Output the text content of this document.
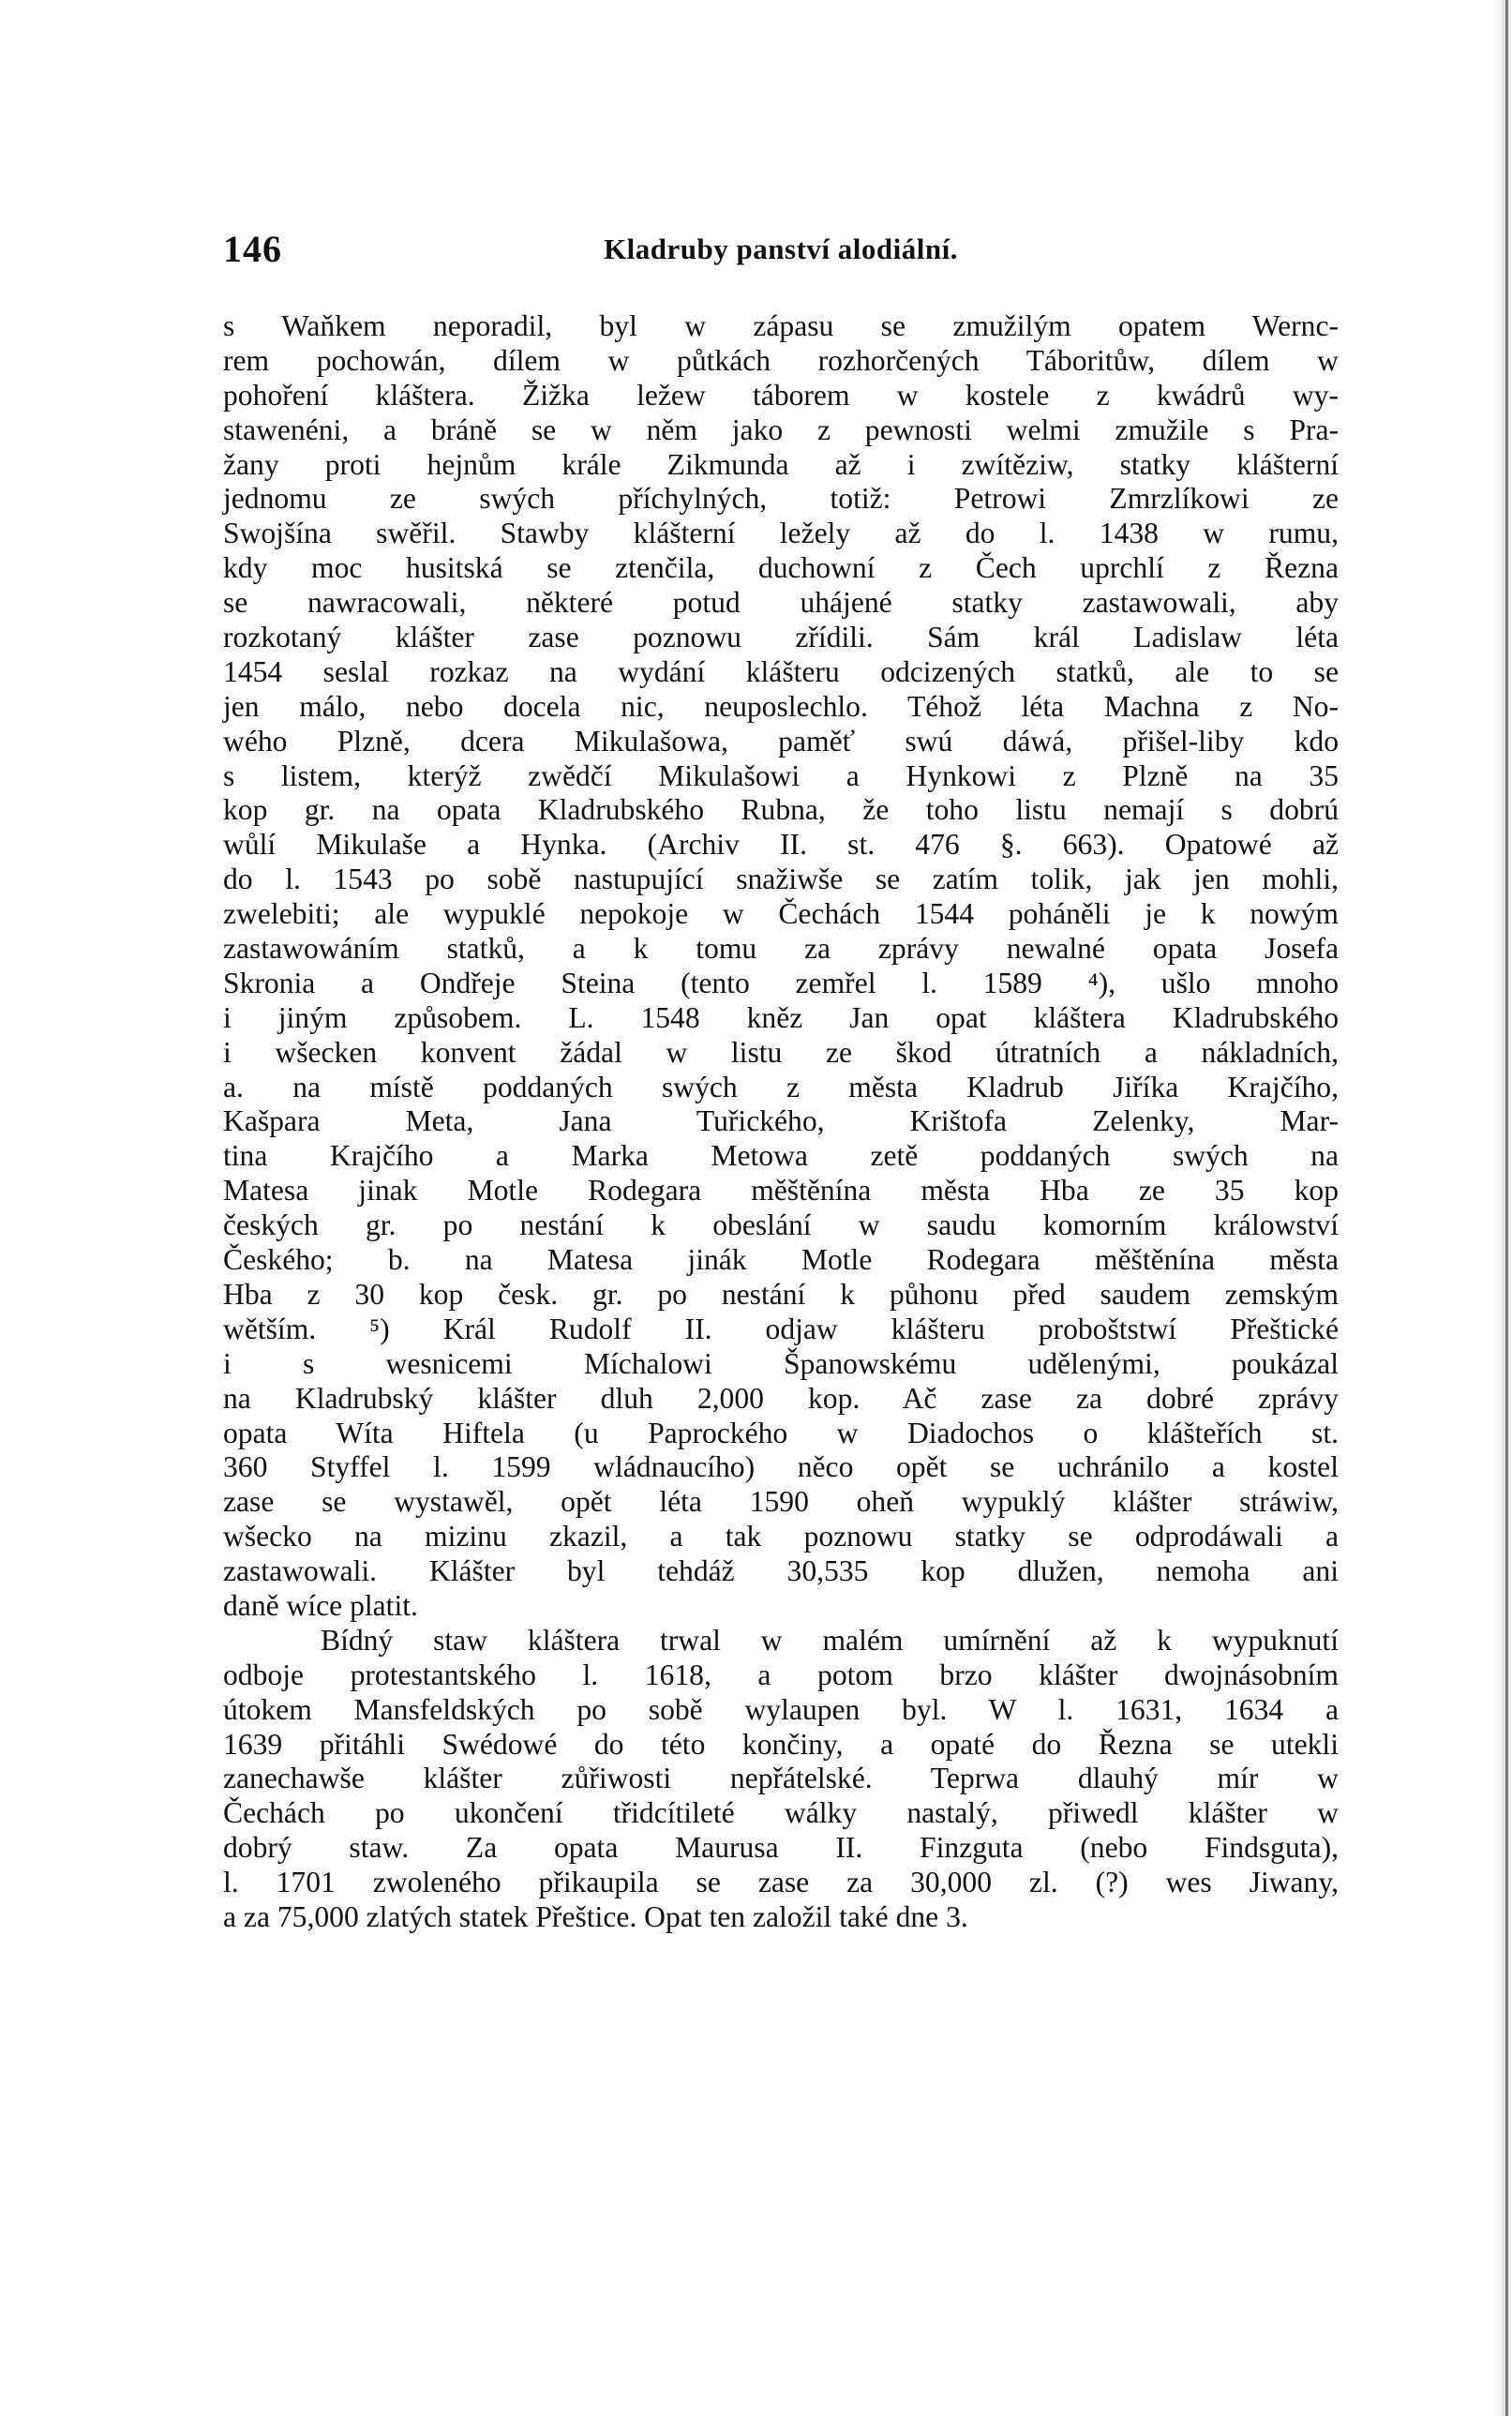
146	Kladruby panství alodiální.
s Waňkem neporadil, byl w zápasu se zmužilým opatem Wernc-
rem pochowán, dílem w půtkách rozhorčených Táboritůw, dílem w
pohoření kláštera. Žižka ležew táborem w kostele z kwádrů wy-
stawenéni, a bráně se w něm jako z pewnosti welmi zmužile s Pra-
žany proti hejnům krále Zikmunda až i zwítěziw, statky klášterní
jednomu ze swých příchylných, totiž: Petrowi Zmrzlíkowi ze
Swojšína swěřil. Stawby klášterní ležely až do l. 1438 w rumu,
kdy moc husitská se ztenčila, duchowní z Čech uprchlí z Řezna
se nawracowali, některé potud uhájené statky zastawowali, aby
rozkotaný klášter zase poznowu zřídili. Sám král Ladislaw léta
1454 seslal rozkaz na wydání klášteru odcizených statků, ale to se
jen málo, nebo docela nic, neuposlechlo. Téhož léta Machna z No-
wého Plzně, dcera Mikulašowa, paměť swú dáwá, přišel-liby kdo
s listem, kterýž zwědčí Mikulašowi a Hynkowi z Plzně na 35
kop gr. na opata Kladrubského Rubna, že toho listu nemají s dobrú
wůlí Mikulaše a Hynka. (Archiv II. st. 476 §. 663). Opatowé až
do l. 1543 po sobě nastupující snažiwše se zatím tolik, jak jen mohli,
zwelebiti; ale wypuklé nepokoje w Čechách 1544 poháněli je k nowým
zastawowáním statků, a k tomu za zprávy newalné opata Josefa
Skronia a Ondřeje Steina (tento zemřel l. 1589 ⁴), ušlo mnoho
i jiným způsobem. L. 1548 kněz Jan opat kláštera Kladrubského
i wšecken konvent žádal w listu ze škod útratních a nákladních,
a. na místě poddaných swých z města Kladrub Jiříka Krajčího,
Kašpara Meta, Jana Tuřického, Krištofa Zelenky, Mar-
tina Krajčího a Marka Metowa zetě poddaných swých na
Matesa jinak Motle Rodegara měštěnína města Hba ze 35 kop
českých gr. po nestání k obeslání w saudu komorním králowství
Českého; b. na Matesa jinák Motle Rodegara měštěnína města
Hba z 30 kop česk. gr. po nestání k půhonu před saudem zemským
wětším. ⁵) Král Rudolf II. odjaw klášteru proboštstwí Přeštické
i s wesnicemi Míchalowi Španowskému udělenými, poukázal
na Kladrubský klášter dluh 2,000 kop. Ač zase za dobré zprávy
opata Wíta Hiftela (u Paprockého w Diadochos o klášteřích st.
360 Styffel l. 1599 wládnaucího) něco opět se uchránilo a kostel
zase se wystawěl, opět léta 1590 oheň wypuklý klášter stráwiw,
wšecko na mizinu zkazil, a tak poznowu statky se odprodáwali a
zastawowali. Klášter byl tehdáž 30,535 kop dlužen, nemoha ani
daně wíce platit.
Bídný staw kláštera trwal w malém umírnění až k wypuknutí
odboje protestantského l. 1618, a potom brzo klášter dwojnásobním
útokem Mansfeldských po sobě wylaupen byl. W l. 1631, 1634 a
1639 přitáhli Swédowé do této končiny, a opaté do Řezna se utekli
zanechawše klášter zůřiwosti nepřátelské. Teprwa dlauhý mír w
Čechách po ukončení třidcítileté wálky nastalý, přiwedl klášter w
dobrý staw. Za opata Maurusa II. Finzguta (nebo Findsguta),
l. 1701 zwoleného přikaupila se zase za 30,000 zl. (?) wes Jiwany,
a za 75,000 zlatých statek Přeštice. Opat ten založil také dne 3.
